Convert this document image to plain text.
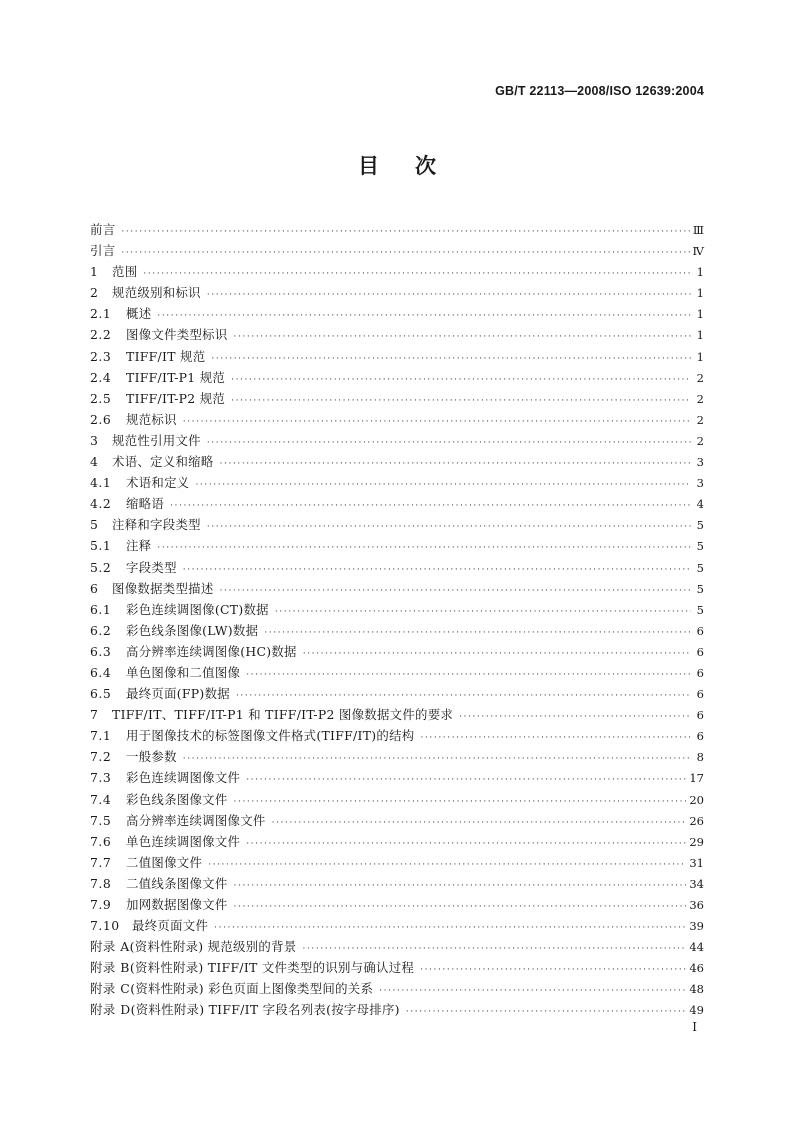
GB/T 22113—2008/ISO 12639:2004
目次
前言 ·····	Ⅲ
引言 ·····	Ⅳ
1	范围 ·····	1
2	规范级别和标识 ·····	1
2.1	概述 ·····	1
2.2	图像文件类型标识 ·····	1
2.3	TIFF/IT 规范 ·····	1
2.4	TIFF/IT-P1 规范 ·····	2
2.5	TIFF/IT-P2 规范 ·····	2
2.6	规范标识 ·····	2
3	规范性引用文件 ·····	2
4	术语、定义和缩略 ·····	3
4.1	术语和定义 ·····	3
4.2	缩略语 ·····	4
5	注释和字段类型 ·····	5
5.1	注释 ·····	5
5.2	字段类型 ·····	5
6	图像数据类型描述 ·····	5
6.1	彩色连续调图像(CT)数据 ·····	5
6.2	彩色线条图像(LW)数据 ·····	6
6.3	高分辨率连续调图像(HC)数据 ·····	6
6.4	单色图像和二值图像 ·····	6
6.5	最终页面(FP)数据 ·····	6
7	TIFF/IT、TIFF/IT-P1 和 TIFF/IT-P2 图像数据文件的要求 ·····	6
7.1	用于图像技术的标签图像文件格式(TIFF/IT)的结构 ·····	6
7.2	一般参数 ·····	8
7.3	彩色连续调图像文件 ·····	17
7.4	彩色线条图像文件 ·····	20
7.5	高分辨率连续调图像文件 ·····	26
7.6	单色连续调图像文件 ·····	29
7.7	二值图像文件 ·····	31
7.8	二值线条图像文件 ·····	34
7.9	加网数据图像文件 ·····	36
7.10	最终页面文件 ·····	39
附录 A (资料性附录) 规范级别的背景 ·····	44
附录 B (资料性附录) TIFF/IT 文件类型的识别与确认过程 ·····	46
附录 C (资料性附录) 彩色页面上图像类型间的关系 ·····	48
附录 D (资料性附录) TIFF/IT 字段名列表(按字母排序) ·····	49
I
